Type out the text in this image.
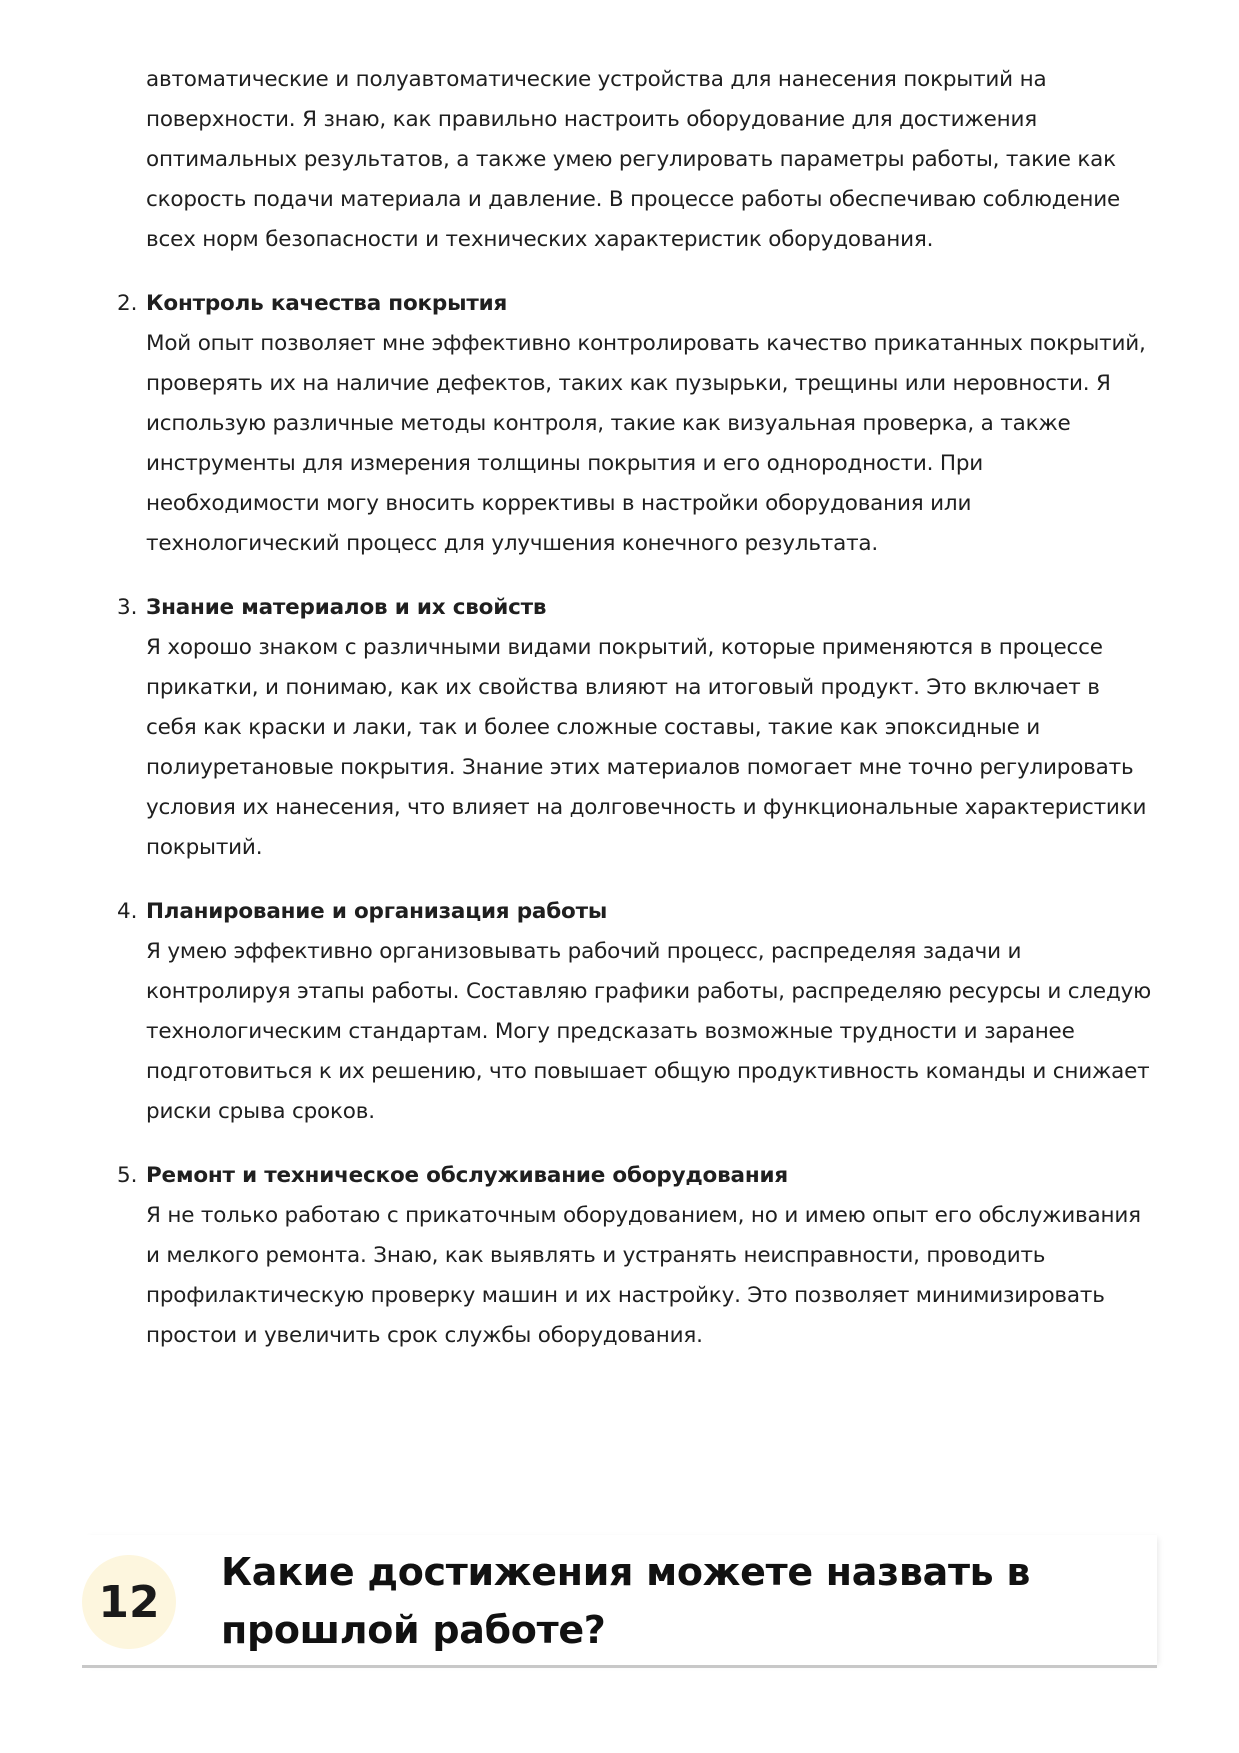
автоматические и полуавтоматические устройства для нанесения покрытий на поверхности. Я знаю, как правильно настроить оборудование для достижения оптимальных результатов, а также умею регулировать параметры работы, такие как скорость подачи материала и давление. В процессе работы обеспечиваю соблюдение всех норм безопасности и технических характеристик оборудования.

2. Контроль качества покрытия

Мой опыт позволяет мне эффективно контролировать качество прикатанных покрытий, проверять их на наличие дефектов, таких как пузырьки, трещины или неровности. Я использую различные методы контроля, такие как визуальная проверка, а также инструменты для измерения толщины покрытия и его однородности. При необходимости могу вносить коррективы в настройки оборудования или технологический процесс для улучшения конечного результата.

3. Знание материалов и их свойств

Я хорошо знаком с различными видами покрытий, которые применяются в процессе прикатки, и понимаю, как их свойства влияют на итоговый продукт. Это включает в себя как краски и лаки, так и более сложные составы, такие как эпоксидные и полиуретановые покрытия. Знание этих материалов помогает мне точно регулировать условия их нанесения, что влияет на долговечность и функциональные характеристики покрытий.

4. Планирование и организация работы

Я умею эффективно организовывать рабочий процесс, распределяя задачи и контролируя этапы работы. Составляю графики работы, распределяю ресурсы и следую технологическим стандартам. Могу предсказать возможные трудности и заранее подготовиться к их решению, что повышает общую продуктивность команды и снижает риски срыва сроков.

5. Ремонт и техническое обслуживание оборудования

Я не только работаю с прикаточным оборудованием, но и имею опыт его обслуживания и мелкого ремонта. Знаю, как выявлять и устранять неисправности, проводить профилактическую проверку машин и их настройку. Это позволяет минимизировать простои и увеличить срок службы оборудования.

12
Какие достижения можете назвать в прошлой работе?
